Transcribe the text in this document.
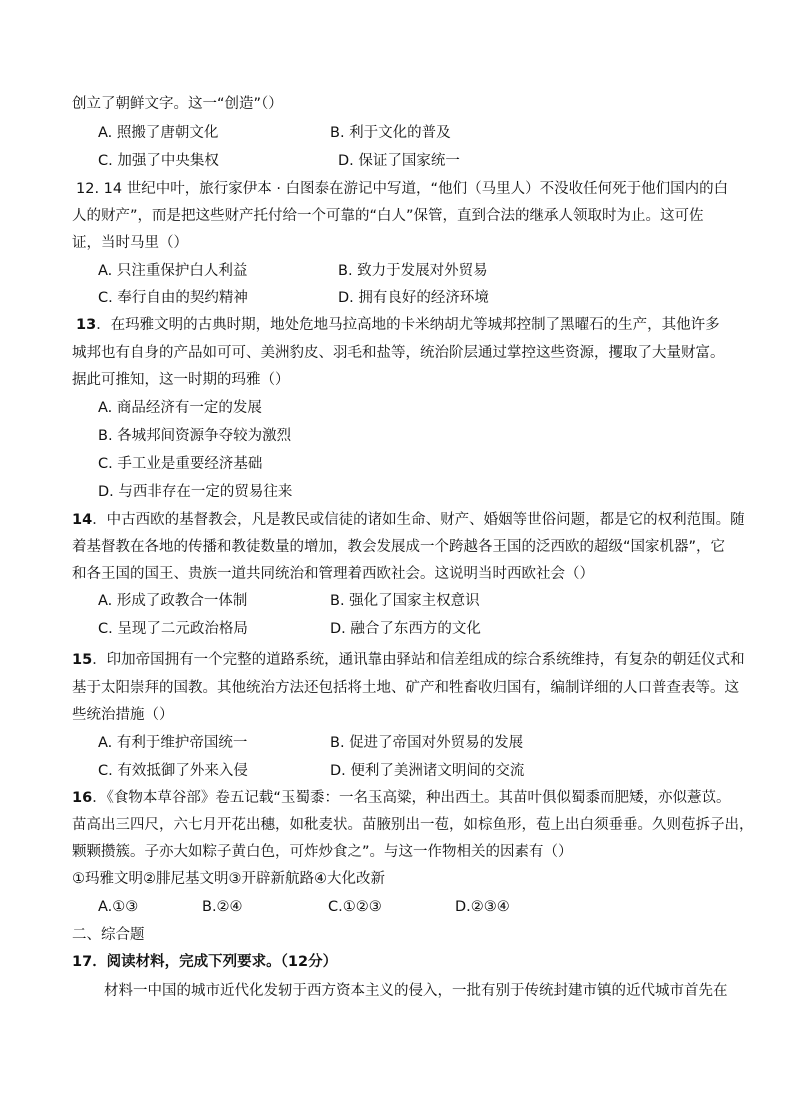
创立了朝鲜文字。这一“创造”（）
A. 照搬了唐朝文化	B. 利于文化的普及
C. 加强了中央集权	D. 保证了国家统一
12. 14 世纪中叶，旅行家伊本 · 白图泰在游记中写道，“他们（马里人）不没收任何死于他们国内的白
人的财产”，而是把这些财产托付给一个可靠的“白人”保管，直到合法的继承人领取时为止。这可佐
证，当时马里（）
A. 只注重保护白人利益	B. 致力于发展对外贸易
C. 奉行自由的契约精神	D. 拥有良好的经济环境
13．在玛雅文明的古典时期，地处危地马拉高地的卡米纳胡尤等城邦控制了黑曜石的生产，其他许多
城邦也有自身的产品如可可、美洲豹皮、羽毛和盐等，统治阶层通过掌控这些资源，攫取了大量财富。
据此可推知，这一时期的玛雅（）
A. 商品经济有一定的发展
B. 各城邦间资源争夺较为激烈
C. 手工业是重要经济基础
D. 与西非存在一定的贸易往来
14．中古西欧的基督教会，凡是教民或信徒的诸如生命、财产、婚姻等世俗问题，都是它的权利范围。随
着基督教在各地的传播和教徒数量的增加，教会发展成一个跨越各王国的泛西欧的超级“国家机器”，它
和各王国的国王、贵族一道共同统治和管理着西欧社会。这说明当时西欧社会（）
A. 形成了政教合一体制	B. 强化了国家主权意识
C. 呈现了二元政治格局	D. 融合了东西方的文化
15．印加帝国拥有一个完整的道路系统，通讯靠由驿站和信差组成的综合系统维持，有复杂的朝廷仪式和
基于太阳崇拜的国教。其他统治方法还包括将土地、矿产和牲畜收归国有，编制详细的人口普查表等。这
些统治措施（）
A. 有利于维护帝国统一	B. 促进了帝国对外贸易的发展
C. 有效抵御了外来入侵	D. 便利了美洲诸文明间的交流
16．《食物本草谷部》卷五记载“玉蜀黍：一名玉高粱，种出西土。其苗叶俱似蜀黍而肥矮，亦似薏苡。
苗高出三四尺，六七月开花出穗，如秕麦状。苗腋别出一苞，如棕鱼形，苞上出白须垂垂。久则苞拆子出，
颗颗攒簇。子亦大如粽子黄白色，可炸炒食之”。与这一作物相关的因素有（）
①玛雅文明②腓尼基文明③开辟新航路④大化改新
A.①③	B.②④	C.①②③	D.②③④
二、综合题
17．阅读材料，完成下列要求。（12分）
材料一中国的城市近代化发轫于西方资本主义的侵入，一批有别于传统封建市镇的近代城市首先在
